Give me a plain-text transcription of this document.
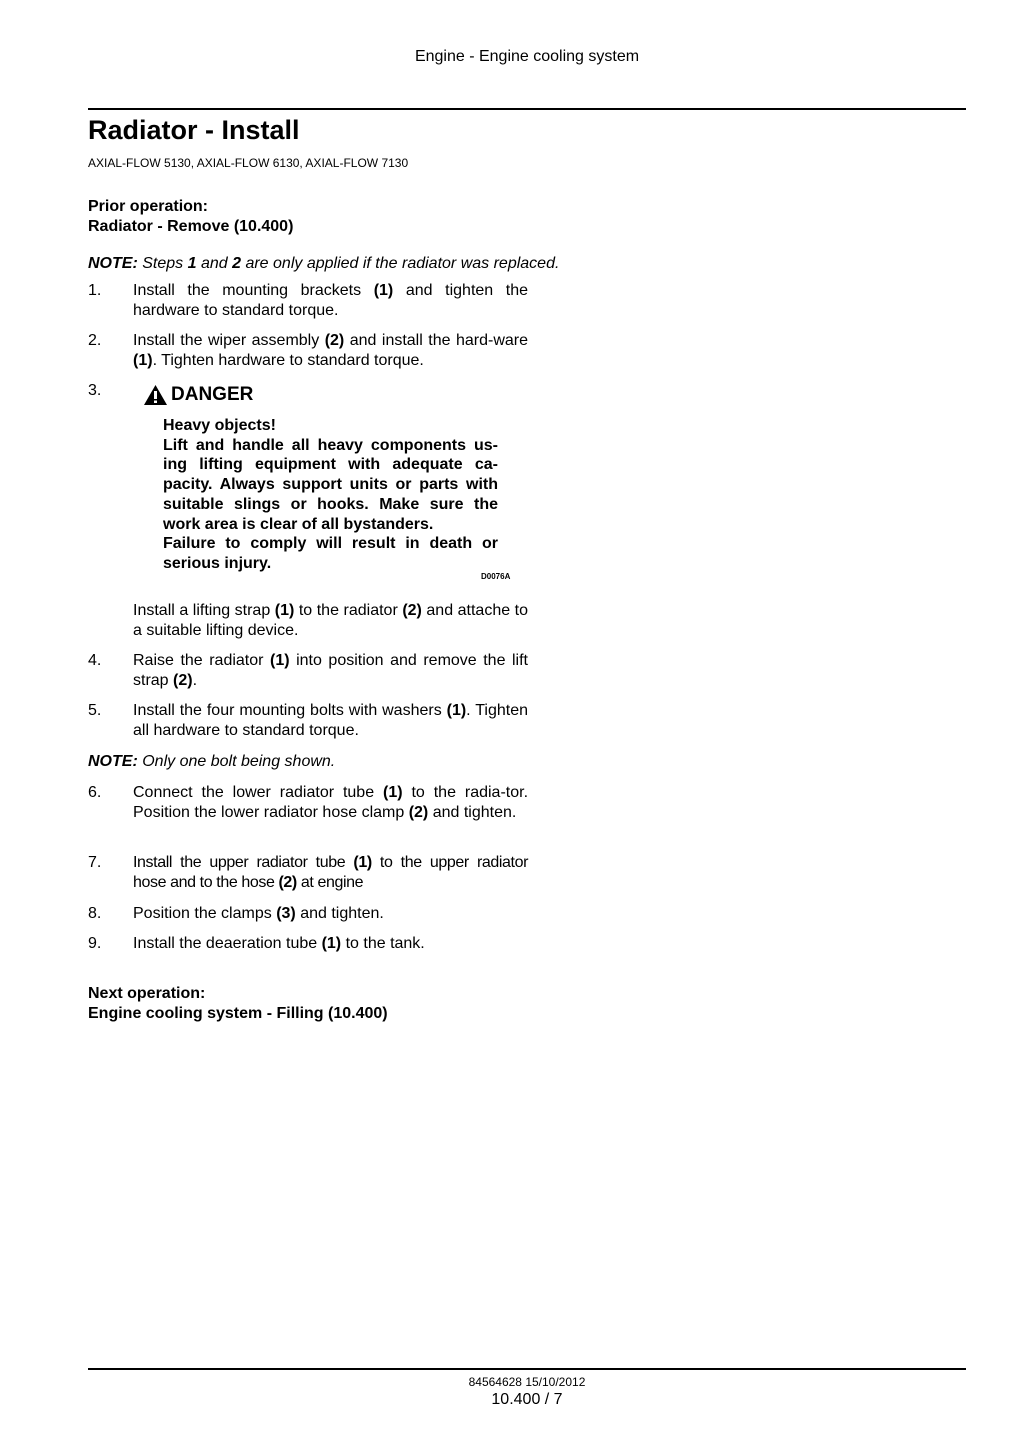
Engine - Engine cooling system
Radiator - Install
AXIAL-FLOW 5130, AXIAL-FLOW 6130, AXIAL-FLOW 7130
Prior operation:
Radiator - Remove (10.400)
NOTE: Steps 1 and 2 are only applied if the radiator was replaced.
1. Install the mounting brackets (1) and tighten the hardware to standard torque.
2. Install the wiper assembly (2) and install the hard-ware (1). Tighten hardware to standard torque.
3.	DANGER

Heavy objects!

Lift and handle all heavy components us-ing lifting equipment with adequate ca-pacity. Always support units or parts with suitable slings or hooks. Make sure the work area is clear of all bystanders.

Failure to comply will result in death or serious injury.

D0076A
Install a lifting strap (1) to the radiator (2) and attache to a suitable lifting device.
4. Raise the radiator (1) into position and remove the lift strap (2).
5. Install the four mounting bolts with washers (1). Tighten all hardware to standard torque.
NOTE: Only one bolt being shown.
6. Connect the lower radiator tube (1) to the radia-tor. Position the lower radiator hose clamp (2) and tighten.
7. Install the upper radiator tube (1) to the upper radiator hose and to the hose (2) at engine
8. Position the clamps (3) and tighten.
9. Install the deaeration tube (1) to the tank.
Next operation:
Engine cooling system - Filling (10.400)
84564628 15/10/2012
10.400 / 7
